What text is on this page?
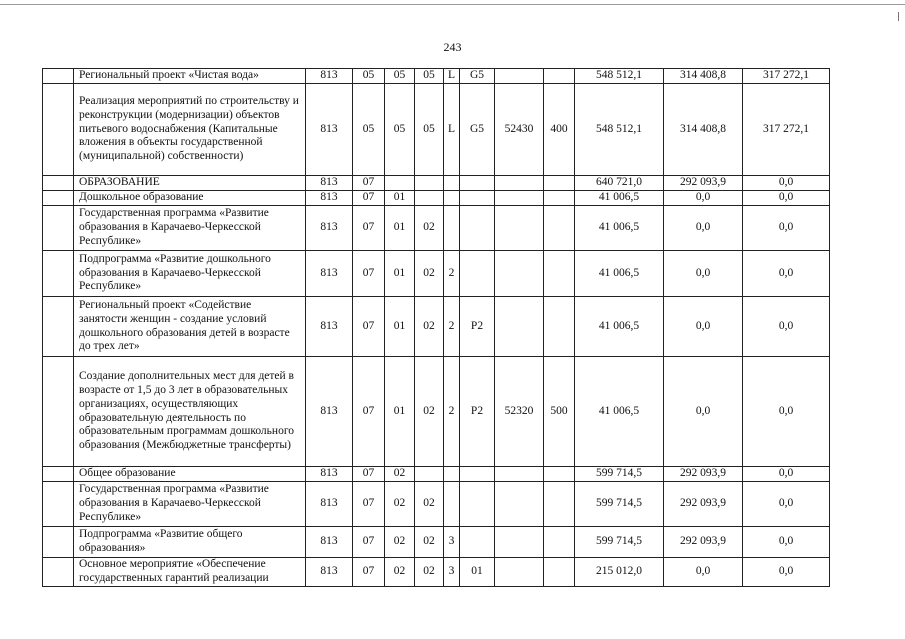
243
	Региональный проект «Чистая вода»	813	05	05	05	L	G5			548 512,1	314 408,8	317 272,1
	Реализация мероприятий по строительству и реконструкции (модернизации) объектов питьевого водоснабжения (Капитальные вложения в объекты государственной (муниципальной) собственности)	813	05	05	05	L	G5	52430	400	548 512,1	314 408,8	317 272,1
	ОБРАЗОВАНИЕ	813	07							640 721,0	292 093,9	0,0
	Дошкольное образование	813	07	01						41 006,5	0,0	0,0
	Государственная программа «Развитие образования в Карачаево-Черкесской Республике»	813	07	01	02					41 006,5	0,0	0,0
	Подпрограмма «Развитие дошкольного образования в Карачаево-Черкесской Республике»	813	07	01	02	2				41 006,5	0,0	0,0
	Региональный проект «Содействие занятости женщин - создание условий дошкольного образования детей в возрасте до трех лет»	813	07	01	02	2	P2			41 006,5	0,0	0,0
	Создание дополнительных мест для детей в возрасте от 1,5 до 3 лет в образовательных организациях, осуществляющих образовательную деятельность по образовательным программам дошкольного образования (Межбюджетные трансферты)	813	07	01	02	2	P2	52320	500	41 006,5	0,0	0,0
	Общее образование	813	07	02						599 714,5	292 093,9	0,0
	Государственная программа «Развитие образования в Карачаево-Черкесской Республике»	813	07	02	02					599 714,5	292 093,9	0,0
	Подпрограмма «Развитие общего образования»	813	07	02	02	3				599 714,5	292 093,9	0,0
	Основное мероприятие «Обеспечение государственных гарантий реализации	813	07	02	02	3	01			215 012,0	0,0	0,0
